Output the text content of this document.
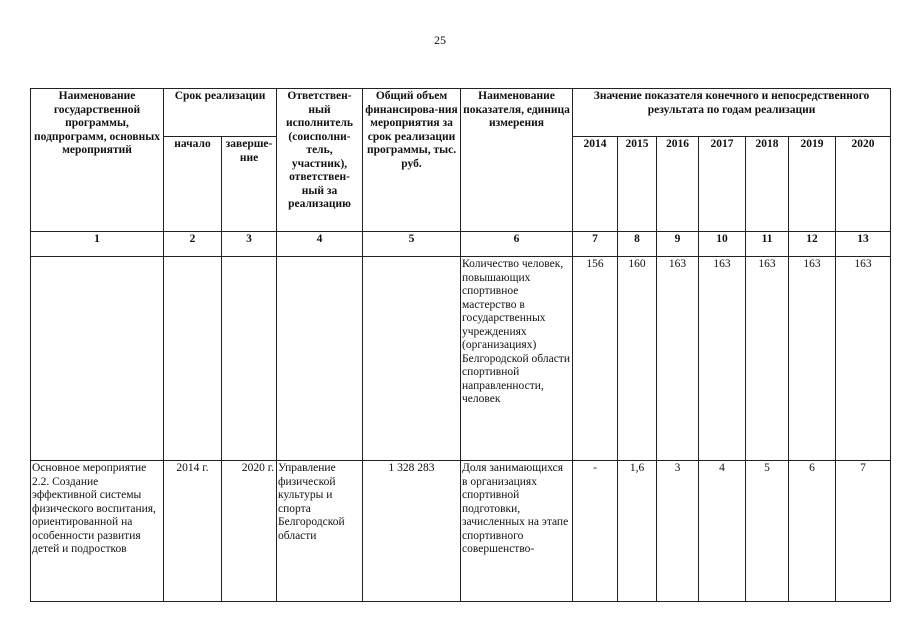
25
Наименование государственной программы, подпрограмм, основных мероприятий	Срок реализации		Ответствен-ный исполнитель (соисполни-тель, участник), ответствен-ный за реализацию	Общий объем финансирова-ния мероприятия за срок реализации программы, тыс. руб.	Наименование показателя, единица измерения	Значение показателя конечного и непосредственного результата по годам реализации						
	начало	заверше-ние				2014	2015	2016	2017	2018	2019	2020
1	2	3	4	5	6	7	8	9	10	11	12	13
					Количество человек, повышающих спортивное мастерство в государственных учреждениях (организациях) Белгородской области спортивной направленности, человек	156	160	163	163	163	163	163
Основное мероприятие 2.2. Создание эффективной системы физического воспитания, ориентированной на особенности развития детей и подростков	2014 г.	2020 г.	Управление физической культуры и спорта Белгородской области	1 328 283	Доля занимающихся в организациях спортивной подготовки, зачисленных на этапе спортивного совершенство-	-	1,6	3	4	5	6	7
